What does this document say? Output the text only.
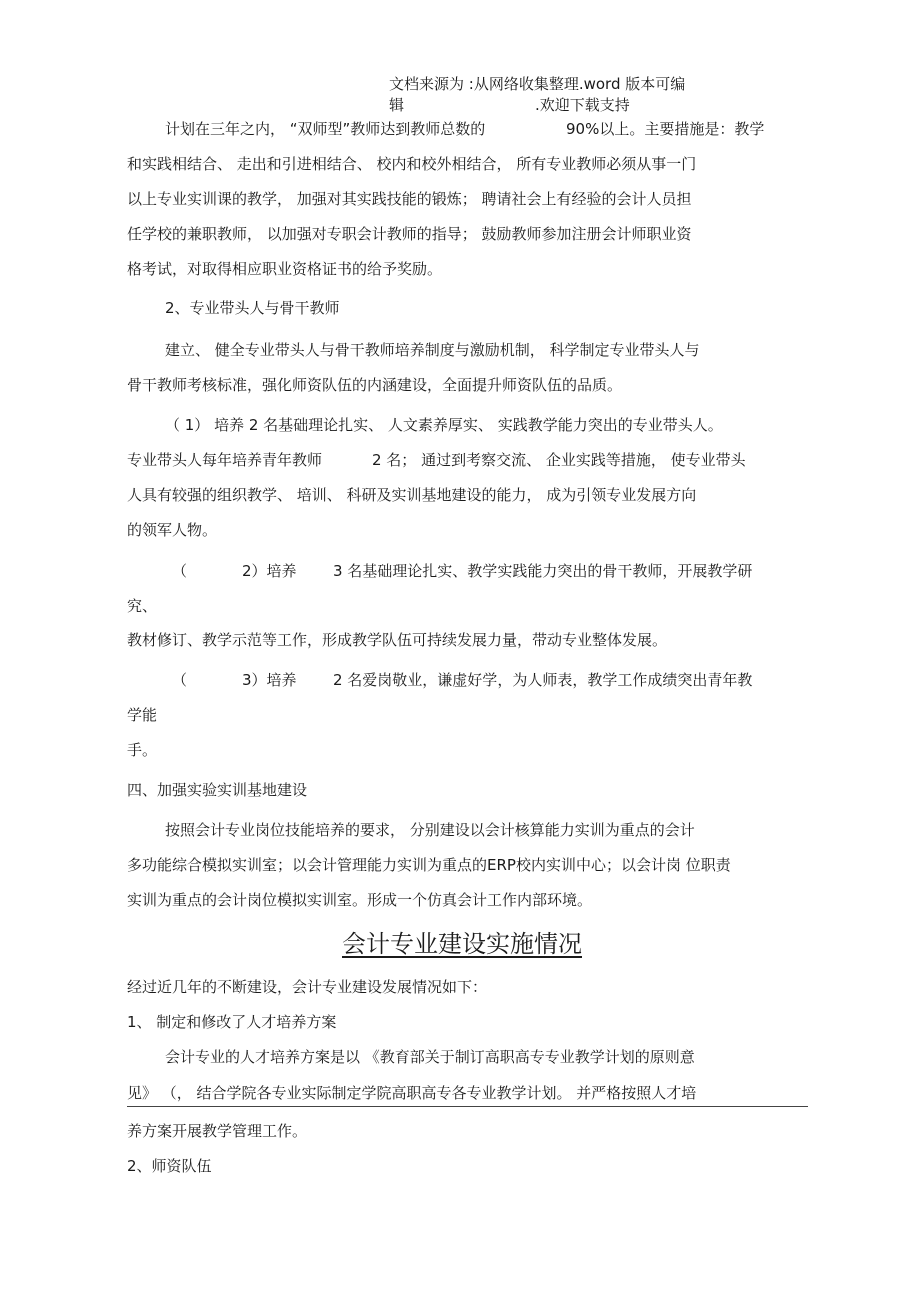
文档来源为 :从网络收集整理.word 版本可编
辑	.欢迎下载支持
计划在三年之内， “双师型”教师达到教师总数的	90%以上。主要措施是：教学
和实践相结合、 走出和引进相结合、 校内和校外相结合， 所有专业教师必须从事一门
以上专业实训课的教学， 加强对其实践技能的锻炼； 聘请社会上有经验的会计人员担
任学校的兼职教师， 以加强对专职会计教师的指导； 鼓励教师参加注册会计师职业资
格考试，对取得相应职业资格证书的给予奖励。
2、专业带头人与骨干教师
建立、 健全专业带头人与骨干教师培养制度与激励机制， 科学制定专业带头人与
骨干教师考核标准，强化师资队伍的内涵建设，全面提升师资队伍的品质。
（ 1） 培养 2 名基础理论扎实、 人文素养厚实、 实践教学能力突出的专业带头人。
专业带头人每年培养青年教师	2 名； 通过到考察交流、 企业实践等措施， 使专业带头
人具有较强的组织教学、 培训、 科研及实训基地建设的能力， 成为引领专业发展方向
的领军人物。
（	2）培养 3 名基础理论扎实、教学实践能力突出的骨干教师，开展教学研
究、
教材修订、教学示范等工作，形成教学队伍可持续发展力量，带动专业整体发展。
（	3）培养 2 名爱岗敬业，谦虚好学，为人师表，教学工作成绩突出青年教
学能
手。
四、加强实验实训基地建设
按照会计专业岗位技能培养的要求， 分别建设以会计核算能力实训为重点的会计
多功能综合模拟实训室；以会计管理能力实训为重点的ERP校内实训中心；以会计岗 位职责
实训为重点的会计岗位模拟实训室。形成一个仿真会计工作内部环境。
会计专业建设实施情况
经过近几年的不断建设，会计专业建设发展情况如下：
1、 制定和修改了人才培养方案
会计专业的人才培养方案是以 《教育部关于制订高职高专专业教学计划的原则意
见》 （， 结合学院各专业实际制定学院高职高专各专业教学计划。 并严格按照人才培
养方案开展教学管理工作。
2、师资队伍
